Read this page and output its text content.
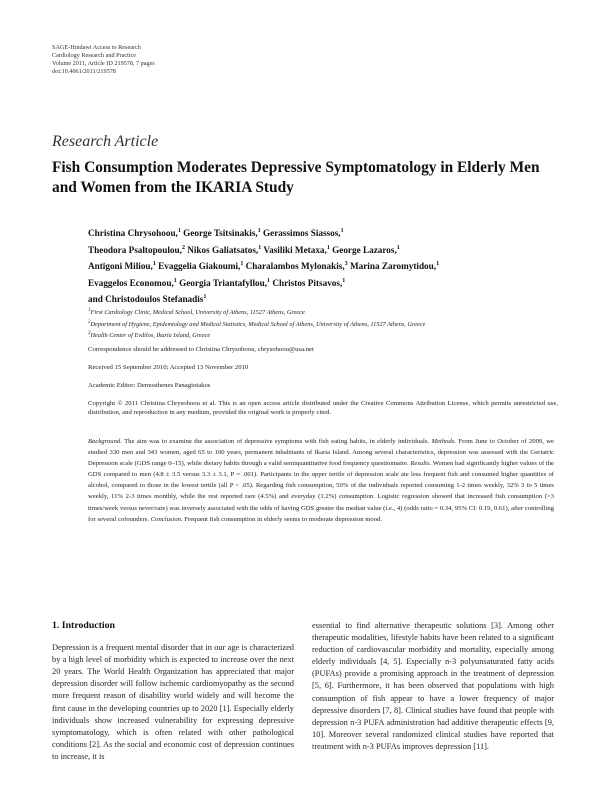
SAGE-Hindawi Access to Research
Cardiology Research and Practice
Volume 2011, Article ID 219578, 7 pages
doi:10.4061/2011/219578
Research Article
Fish Consumption Moderates Depressive Symptomatology in Elderly Men and Women from the IKARIA Study
Christina Chrysohoou,$^1$ George Tsitsinakis,$^1$ Gerassimos Siassos,$^1$
Theodora Psaltopoulou,$^2$ Nikos Galiatsatos,$^1$ Vasiliki Metaxa,$^1$ George Lazaros,$^1$
Antigoni Miliou,$^1$ Evaggelia Giakoumi,$^1$ Charalambos Mylonakis,$^3$ Marina Zaromytidou,$^1$
Evaggelos Economou,$^1$ Georgia Triantafyllou,$^1$ Christos Pitsavos,$^1$
and Christodoulos Stefanadis$^1$
$^1$First Cardiology Clinic, Medical School, University of Athens, 11527 Athens, Greece
$^2$Department of Hygiene, Epidemiology and Medical Statistics, Medical School of Athens, University of Athens, 11527 Athens, Greece
$^3$Health Center of Evdilos, Ikaria Island, Greece
Correspondence should be addressed to Christina Chrysohoou, chrysohoou@usa.net
Received 15 September 2010; Accepted 13 November 2010
Academic Editor: Demosthenes Panagiotakos
Copyright © 2011 Christina Chrysohoou et al. This is an open access article distributed under the Creative Commons Attribution License, which permits unrestricted use, distribution, and reproduction in any medium, provided the original work is properly cited.
Background. The aim was to examine the association of depressive symptoms with fish eating habits, in elderly individuals. Methods. From June to October of 2009, we studied 330 men and 343 women, aged 65 to 100 years, permanent inhabitants of Ikaria Island. Among several characteristics, depression was assessed with the Geriatric Depression scale (GDS range 0–15), while dietary habits through a valid semiquantitative food frequency questionnaire. Results. Women had significantly higher values of the GDS compared to men (4.8 ± 3.5 versus 3.3 ± 3.1, P = .001). Participants in the upper tertile of depression scale ate less frequent fish and consumed higher quantities of alcohol, compared to those in the lowest tertile (all P < .05). Regarding fish consumption, 50% of the individuals reported consuming 1-2 times weekly, 32% 3 to 5 times weekly, 11% 2-3 times monthly, while the rest reported rare (4.5%) and everyday (1.2%) consumption. Logistic regression showed that increased fish consumption (>3 times/week versus never/rare) was inversely associated with the odds of having GDS greater the median value (i.e., 4) (odds ratio = 0.34, 95% CI: 0.19, 0.61), after controlling for several cofounders. Conclusion. Frequent fish consumption in elderly seems to moderate depression mood.
1. Introduction
Depression is a frequent mental disorder that in our age is characterized by a high level of morbidity which is expected to increase over the next 20 years. The World Health Organization has appreciated that major depression disorder will follow ischemic cardiomyopathy as the second more frequent reason of disability world widely and will become the first cause in the developing countries up to 2020 [1]. Especially elderly individuals show increased vulnerability for expressing depressive symptomatology, which is often related with other pathological conditions [2]. As the social and economic cost of depression continues to increase, it is
essential to find alternative therapeutic solutions [3]. Among other therapeutic modalities, lifestyle habits have been related to a significant reduction of cardiovascular morbidity and mortality, especially among elderly individuals [4, 5]. Especially n-3 polyunsaturated fatty acids (PUFAs) provide a promising approach in the treatment of depression [5, 6]. Furthermore, it has been observed that populations with high consumption of fish appear to have a lower frequency of major depressive disorders [7, 8]. Clinical studies have found that people with depression n-3 PUFA administration had additive therapeutic effects [9, 10]. Moreover several randomized clinical studies have reported that treatment with n-3 PUFAs improves depression [11].
